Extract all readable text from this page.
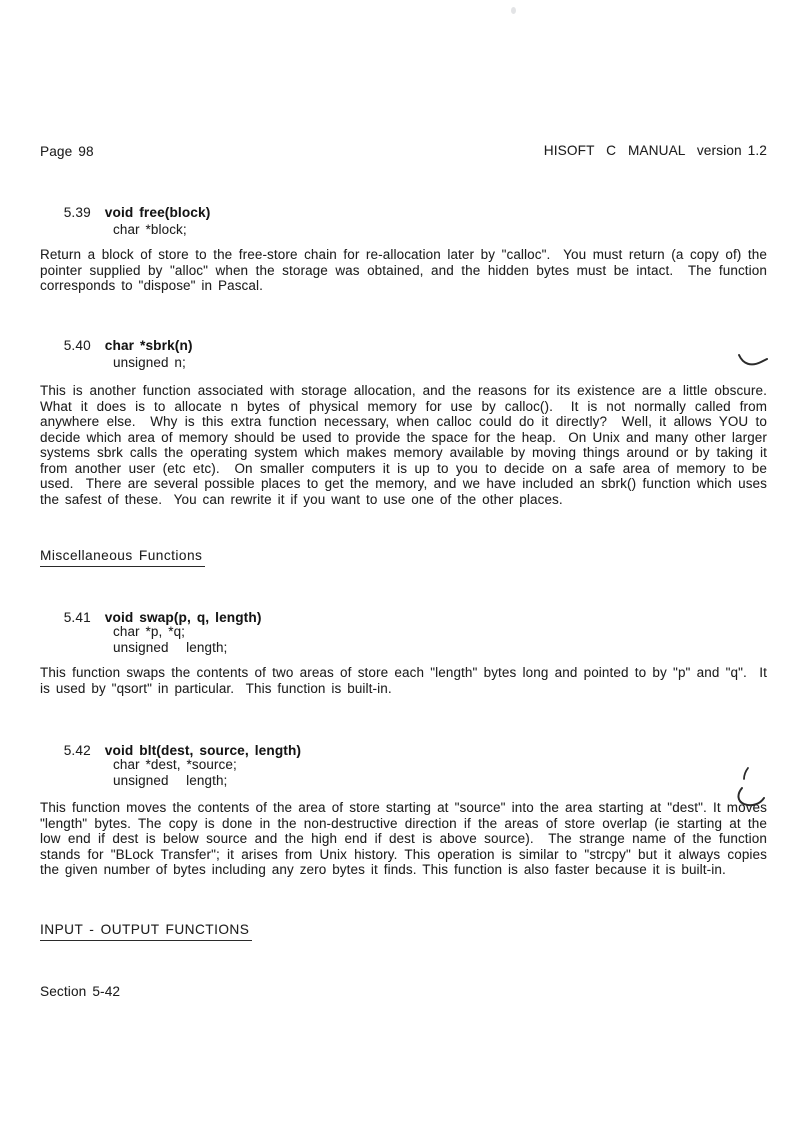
Page 98	HISOFT  C  MANUAL  version 1.2

5.39 void free(block)

char *block;
Return a block of store to the free-store chain for re-allocation later by "calloc".  You must return (a copy of) the pointer supplied by "alloc" when the storage was obtained, and the hidden bytes must be intact.  The function corresponds to "dispose" in Pascal.

5.40 char *sbrk(n)

unsigned n;
This is another function associated with storage allocation, and the reasons for its existence are a little obscure.  What it does is to allocate n bytes of physical memory for use by calloc().  It is not normally called from anywhere else.  Why is this extra function necessary, when calloc could do it directly?  Well, it allows YOU to decide which area of memory should be used to provide the space for the heap.  On Unix and many other larger systems sbrk calls the operating system which makes memory available by moving things around or by taking it from another user (etc etc).  On smaller computers it is up to you to decide on a safe area of memory to be used.  There are several possible places to get the memory, and we have included an sbrk() function which uses the safest of these.  You can rewrite it if you want to use one of the other places.
Miscellaneous Functions

5.41 void swap(p, q, length)

char *p, *q;
unsigned   length;
This function swaps the contents of two areas of store each "length" bytes long and pointed to by "p" and "q".  It is used by "qsort" in particular.  This function is built-in.

5.42 void blt(dest, source, length)

char *dest, *source;
unsigned   length;
This function moves the contents of the area of store starting at "source" into the area starting at "dest". It moves "length" bytes. The copy is done in the non-destructive direction if the areas of store overlap (ie starting at the low end if dest is below source and the high end if dest is above source).  The strange name of the function stands for "BLock Transfer"; it arises from Unix history. This operation is similar to "strcpy" but it always copies the given number of bytes including any zero bytes it finds. This function is also faster because it is built-in.
INPUT - OUTPUT FUNCTIONS
Section 5-42
